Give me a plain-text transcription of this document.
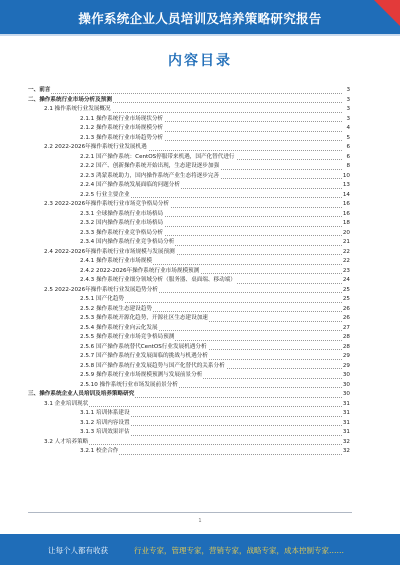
操作系统企业人员培训及培养策略研究报告
内容目录
一、前言	3
二、操作系统行业市场分析及预测	3
2.1 操作系统行业发展概况	3
2.1.1 操作系统行业市场现状分析	3
2.1.2 操作系统行业市场规模分析	4
2.1.3 操作系统行业市场趋势分析	5
2.2 2022-2026年操作系统行业发展机遇	6
2.2.1 国产操作系统：CentOS停服带来机遇，国产化替代进行	6
2.2.2 国产、创新操作系统开始出现，生态建设逐步加强	8
2.2.3 鸿蒙系统助力，国内操作系统产业生态将逐步完善	10
2.2.4 国产操作系统发展面临的问题分析	13
2.2.5 行业主要企业	14
2.3 2022-2026年操作系统行业市场竞争格局分析	16
2.3.1 全球操作系统行业市场格局	16
2.3.2 国内操作系统行业市场格局	18
2.3.3 操作系统行业竞争格局分析	20
2.3.4 国内操作系统行业竞争格局分析	21
2.4 2022-2026年操作系统行业市场规模与发展预测	22
2.4.1 操作系统行业市场规模	22
2.4.2 2022-2026年操作系统行业市场规模预测	23
2.4.3 操作系统行业细分领域分析（服务器、桌面端、移动端）	24
2.5 2022-2026年操作系统行业发展趋势分析	25
2.5.1 国产化趋势	25
2.5.2 操作系统生态建设趋势	26
2.5.3 操作系统开源化趋势，开源社区生态建设加速	26
2.5.4 操作系统行业向云化发展	27
2.5.5 操作系统行业市场竞争格局预测	28
2.5.6 国产操作系统替代CentOS行业发展机遇分析	28
2.5.7 国产操作系统行业发展面临的挑战与机遇分析	29
2.5.8 国产操作系统行业发展趋势与国产化替代的关系分析	29
2.5.9 操作系统行业市场规模预测与发展前景分析	30
2.5.10 操作系统行业市场发展前景分析	30
三、操作系统企业人员培训及培养策略研究	30
3.1 企业培训现状	31
3.1.1 培训体系建设	31
3.1.2 培训内容设置	31
3.1.3 培训效果评估	31
3.2 人才培养策略	32
3.2.1 校企合作	32
1
让每个人都有收获	行业专家，管理专家，营销专家，战略专家，成本控制专家……
